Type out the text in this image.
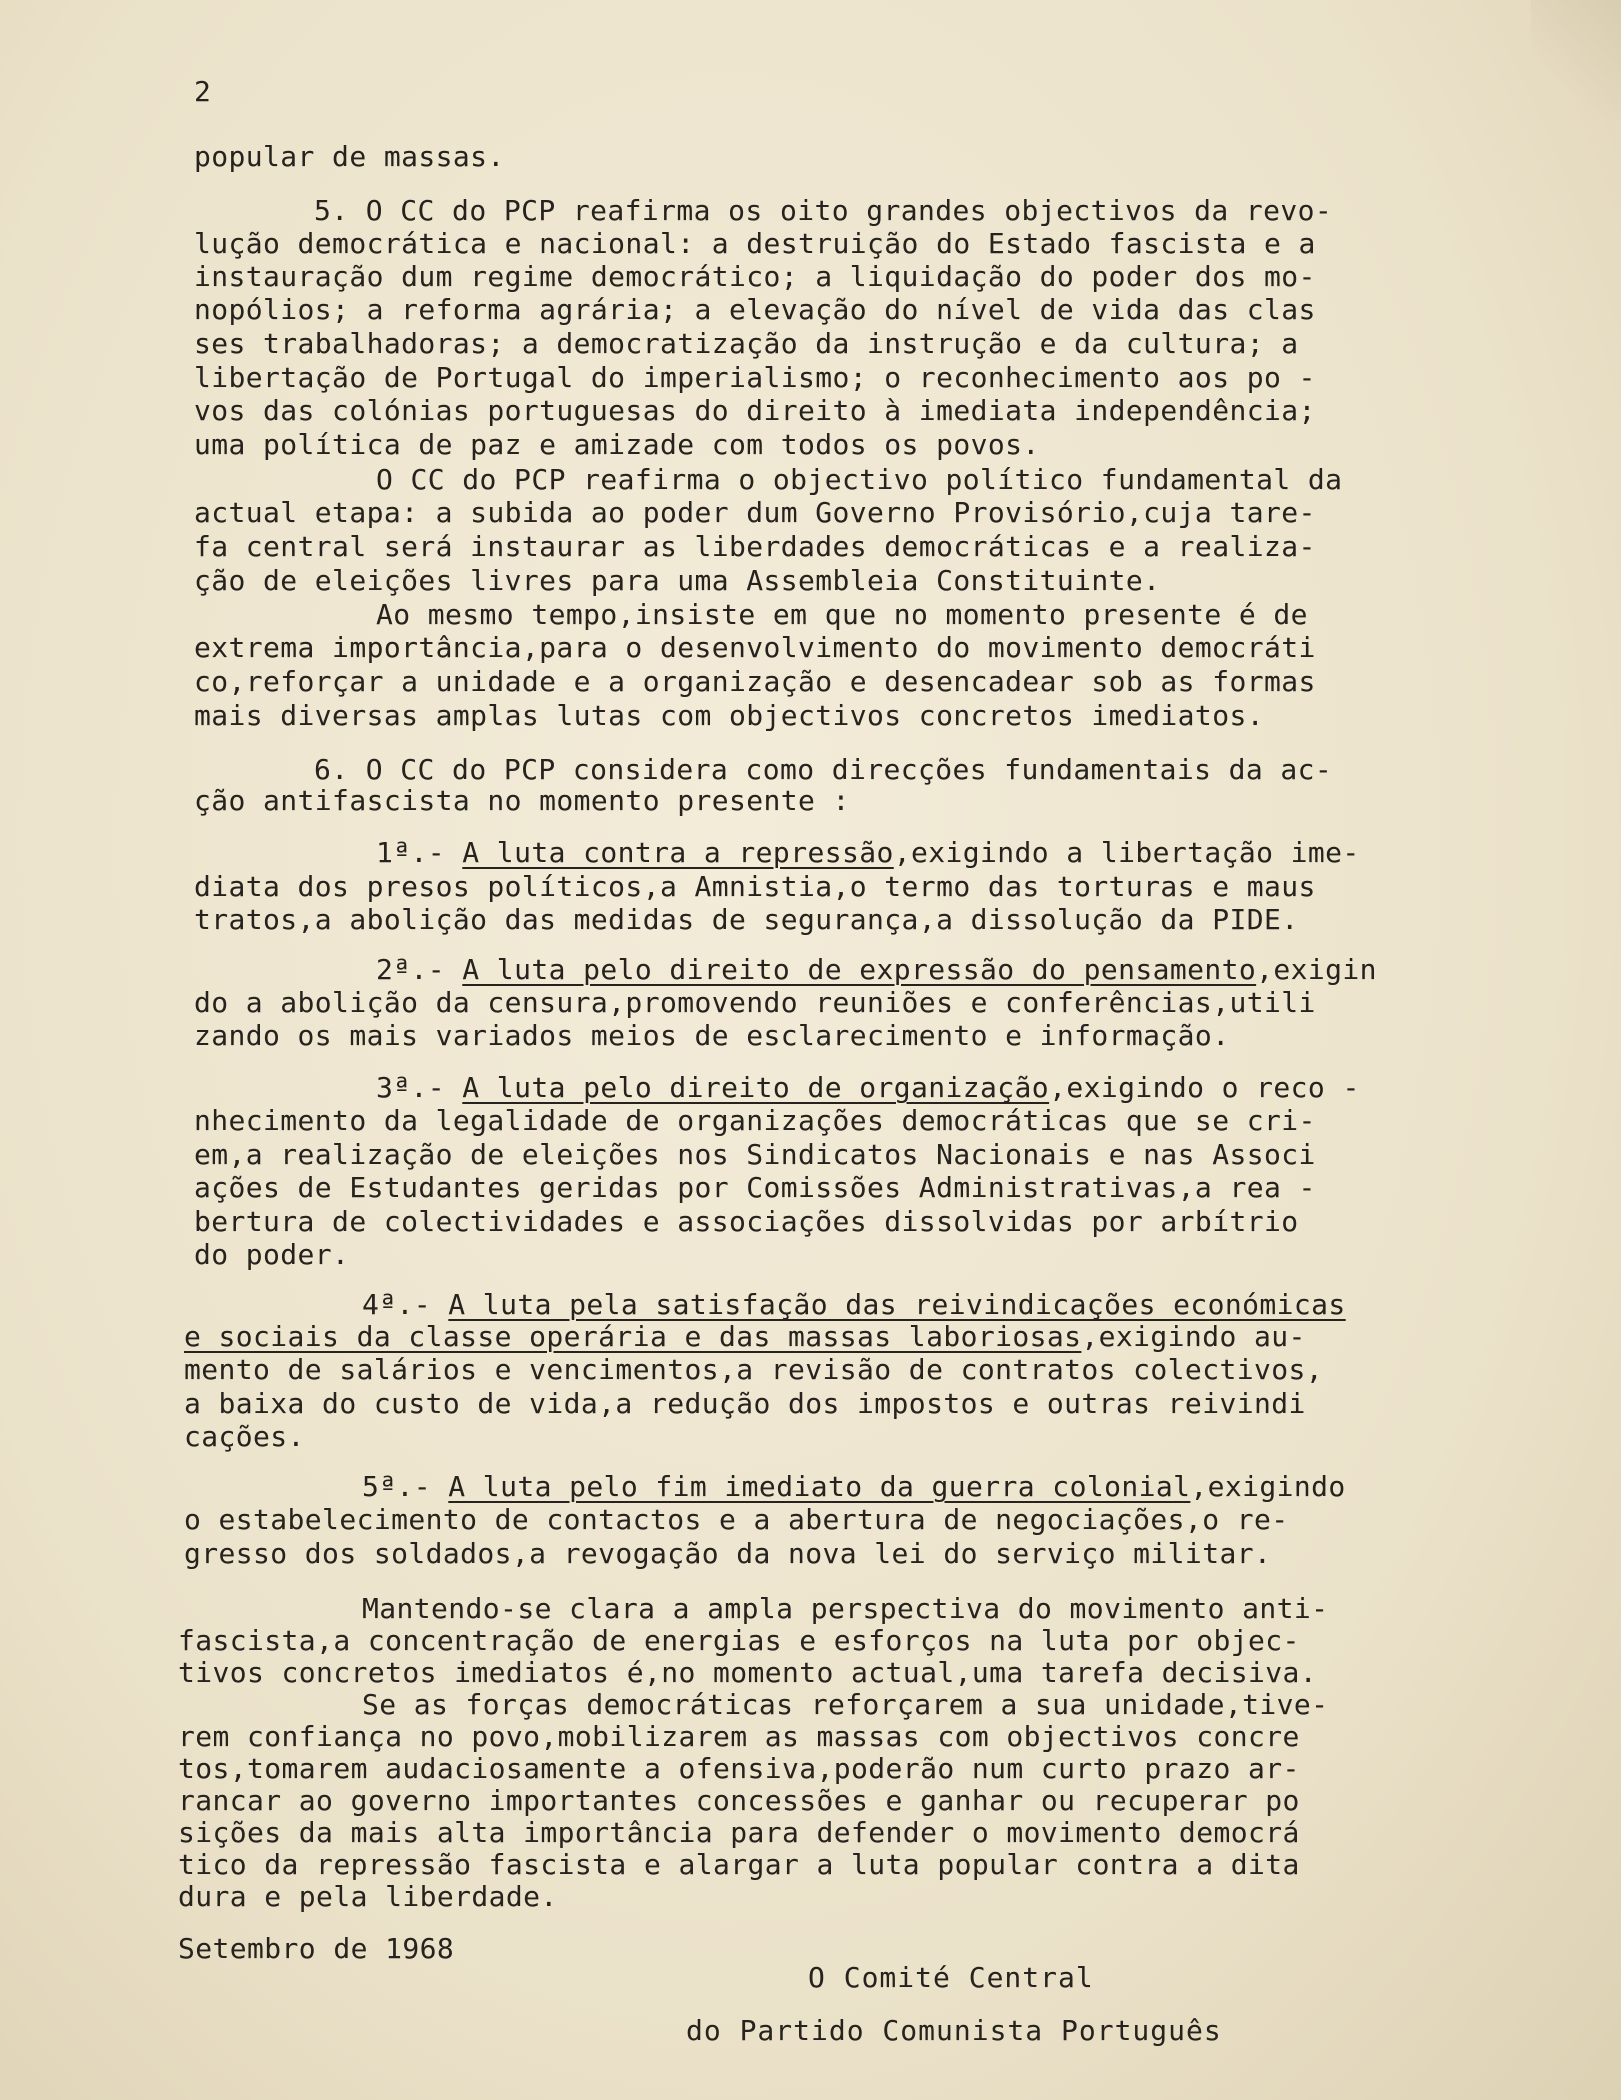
2
popular de massas.
5. O CC do PCP reafirma os oito grandes objectivos da revo-
lução democrática e nacional: a destruição do Estado fascista e a
instauração dum regime democrático; a liquidação do poder dos mo-
nopólios; a reforma agrária; a elevação do nível de vida das clas
ses trabalhadoras; a democratização da instrução e da cultura; a
libertação de Portugal do imperialismo; o reconhecimento aos po -
vos das colónias portuguesas do direito à imediata independência;
uma política de paz e amizade com todos os povos.
O CC do PCP reafirma o objectivo político fundamental da
actual etapa: a subida ao poder dum Governo Provisório,cuja tare-
fa central será instaurar as liberdades democráticas e a realiza-
ção de eleições livres para uma Assembleia Constituinte.
Ao mesmo tempo,insiste em que no momento presente é de
extrema importância,para o desenvolvimento do movimento democráti
co,reforçar a unidade e a organização e desencadear sob as formas
mais diversas amplas lutas com objectivos concretos imediatos.
6. O CC do PCP considera como direcções fundamentais da ac-
ção antifascista no momento presente :
1ª.- A luta contra a repressão,exigindo a libertação ime-
diata dos presos políticos,a Amnistia,o termo das torturas e maus
tratos,a abolição das medidas de segurança,a dissolução da PIDE.
2ª.- A luta pelo direito de expressão do pensamento,exigin
do a abolição da censura,promovendo reuniões e conferências,utili
zando os mais variados meios de esclarecimento e informação.
3ª.- A luta pelo direito de organização,exigindo o reco -
nhecimento da legalidade de organizações democráticas que se cri-
em,a realização de eleições nos Sindicatos Nacionais e nas Associ
ações de Estudantes geridas por Comissões Administrativas,a rea -
bertura de colectividades e associações dissolvidas por arbítrio
do poder.
4ª.- A luta pela satisfação das reivindicações económicas
e sociais da classe operária e das massas laboriosas,exigindo au-
mento de salários e vencimentos,a revisão de contratos colectivos,
a baixa do custo de vida,a redução dos impostos e outras reivindi
cações.
5ª.- A luta pelo fim imediato da guerra colonial,exigindo
o estabelecimento de contactos e a abertura de negociações,o re-
gresso dos soldados,a revogação da nova lei do serviço militar.
Mantendo-se clara a ampla perspectiva do movimento anti-
fascista,a concentração de energias e esforços na luta por objec-
tivos concretos imediatos é,no momento actual,uma tarefa decisiva.
Se as forças democráticas reforçarem a sua unidade,tive-
rem confiança no povo,mobilizarem as massas com objectivos concre
tos,tomarem audaciosamente a ofensiva,poderão num curto prazo ar-
rancar ao governo importantes concessões e ganhar ou recuperar po
sições da mais alta importância para defender o movimento democrá
tico da repressão fascista e alargar a luta popular contra a dita
dura e pela liberdade.
Setembro de 1968
O Comité Central
do Partido Comunista Português
